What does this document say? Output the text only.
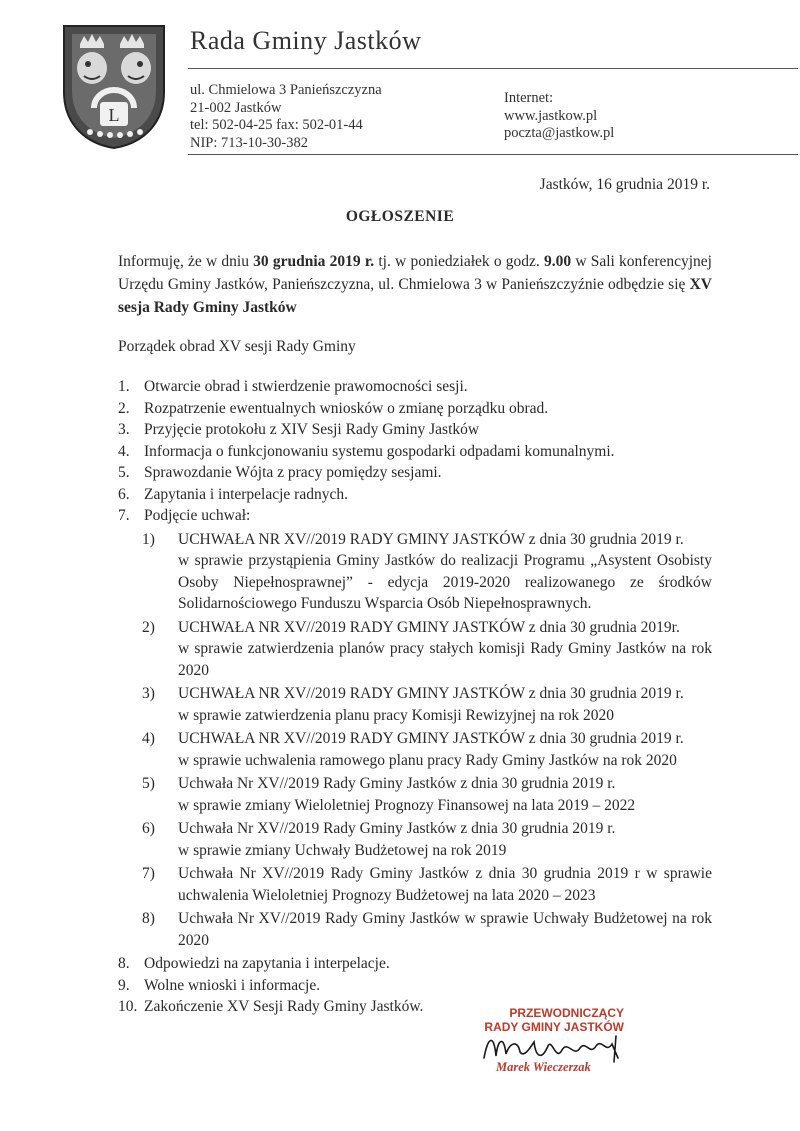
L
Rada Gminy Jastków
ul. Chmielowa 3 Panieńszczyzna
21-002 Jastków
tel: 502-04-25 fax: 502-01-44
NIP: 713-10-30-382
Internet:
www.jastkow.pl
poczta@jastkow.pl
Jastków, 16 grudnia 2019 r.
OGŁOSZENIE

Informuję, że w dniu 30 grudnia 2019 r. tj. w poniedziałek o godz. 9.00 w Sali konferencyjnej Urzędu Gminy Jastków, Panieńszczyzna, ul. Chmielowa 3 w Panieńszczyźnie odbędzie się XV sesja Rady Gminy Jastków

Porządek obrad XV sesji Rady Gminy
1. Otwarcie obrad i stwierdzenie prawomocności sesji.
2. Rozpatrzenie ewentualnych wniosków o zmianę porządku obrad.
3. Przyjęcie protokołu z XIV Sesji Rady Gminy Jastków
4. Informacja o funkcjonowaniu systemu gospodarki odpadami komunalnymi.
5. Sprawozdanie Wójta z pracy pomiędzy sesjami.
6. Zapytania i interpelacje radnych.
7. Podjęcie uchwał:
1) UCHWAŁA NR XV//2019 RADY GMINY JASTKÓW z dnia 30 grudnia 2019 r.
w sprawie przystąpienia Gminy Jastków do realizacji Programu „Asystent Osobisty Osoby Niepełnosprawnej” - edycja 2019-2020 realizowanego ze środków Solidarnościowego Funduszu Wsparcia Osób Niepełnosprawnych.
2) UCHWAŁA NR XV//2019 RADY GMINY JASTKÓW z dnia 30 grudnia 2019r.
w sprawie zatwierdzenia planów pracy stałych komisji Rady Gminy Jastków na rok 2020
3) UCHWAŁA NR XV//2019 RADY GMINY JASTKÓW z dnia 30 grudnia 2019 r.
w sprawie zatwierdzenia planu pracy Komisji Rewizyjnej na rok 2020
4) UCHWAŁA NR XV//2019 RADY GMINY JASTKÓW z dnia 30 grudnia 2019 r.
w sprawie uchwalenia ramowego planu pracy Rady Gminy Jastków na rok 2020
5) Uchwała Nr XV//2019 Rady Gminy Jastków z dnia 30 grudnia 2019 r.
w sprawie zmiany Wieloletniej Prognozy Finansowej na lata 2019 – 2022
6) Uchwała Nr XV//2019 Rady Gminy Jastków z dnia 30 grudnia 2019 r.
w sprawie zmiany Uchwały Budżetowej na rok 2019
7) Uchwała Nr XV//2019 Rady Gminy Jastków z dnia 30 grudnia 2019 r w sprawie uchwalenia Wieloletniej Prognozy Budżetowej na lata 2020 – 2023
8) Uchwała Nr XV//2019 Rady Gminy Jastków w sprawie Uchwały Budżetowej na rok 2020
8. Odpowiedzi na zapytania i interpelacje.
9. Wolne wnioski i informacje.
10. Zakończenie XV Sesji Rady Gminy Jastków.	PRZEWODNICZĄCY
RADY GMINY JASTKÓW
Marek Wieczerzak
